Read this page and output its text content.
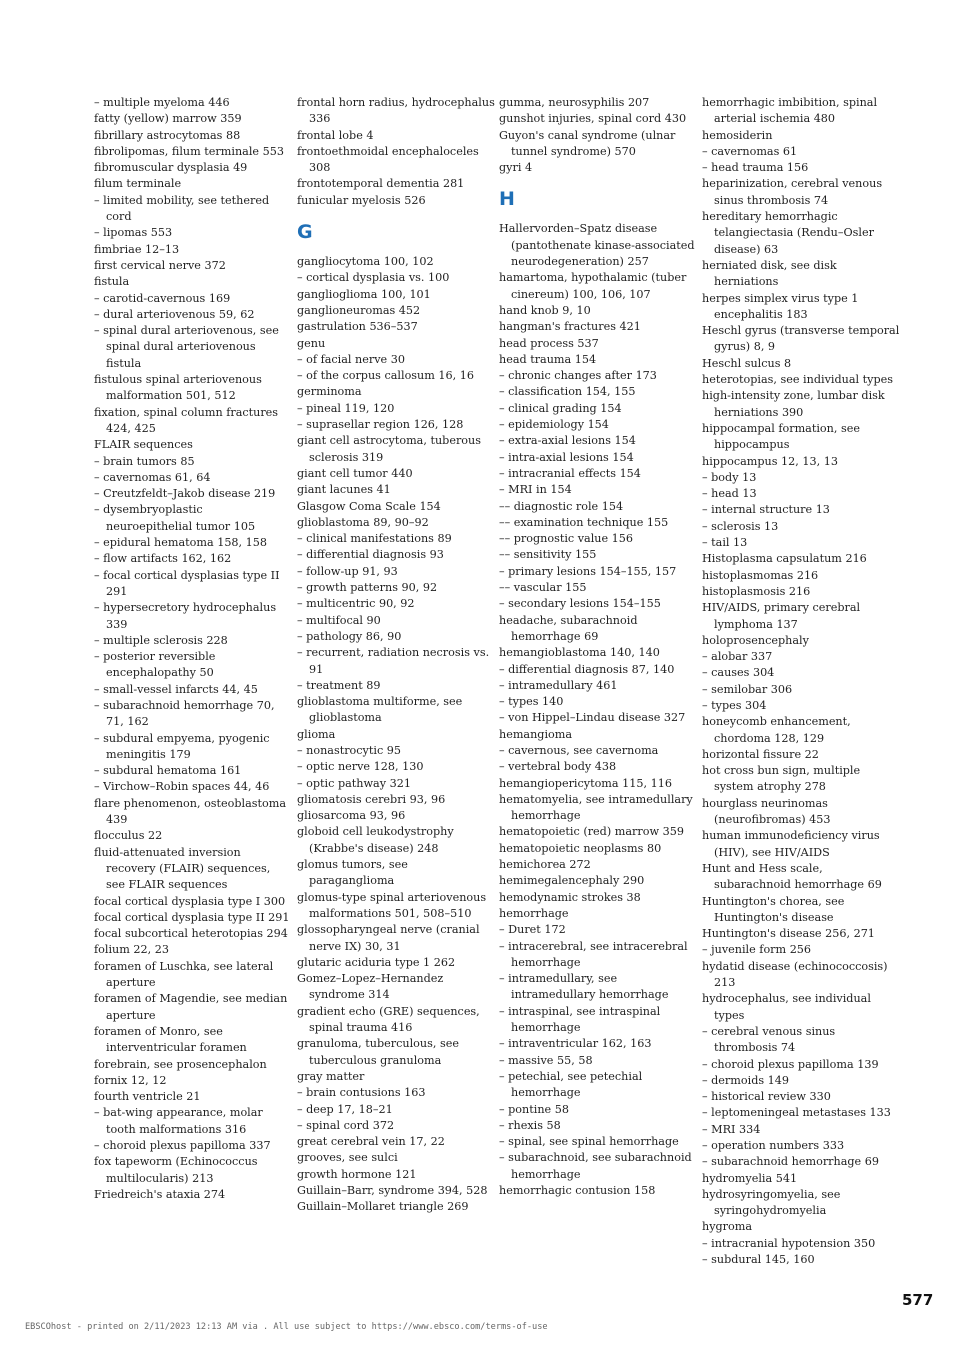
– multiple myeloma 446
fatty (yellow) marrow 359
fibrillary astrocytomas 88
fibrolipomas, filum terminale 553
fibromuscular dysplasia 49
filum terminale
– limited mobility, see tethered cord
– lipomas 553
fimbriae 12–13
first cervical nerve 372
fistula
– carotid-cavernous 169
– dural arteriovenous 59, 62
– spinal dural arteriovenous, see spinal dural arteriovenous fistula
fistulous spinal arteriovenous malformation 501, 512
fixation, spinal column fractures 424, 425
FLAIR sequences
– brain tumors 85
– cavernomas 61, 64
– Creutzfeldt–Jakob disease 219
– dysembryoplastic neuroepithelial tumor 105
– epidural hematoma 158, 158
– flow artifacts 162, 162
– focal cortical dysplasias type II 291
– hypersecretory hydrocephalus 339
– multiple sclerosis 228
– posterior reversible encephalopathy 50
– small-vessel infarcts 44, 45
– subarachnoid hemorrhage 70, 71, 162
– subdural empyema, pyogenic meningitis 179
– subdural hematoma 161
– Virchow–Robin spaces 44, 46
flare phenomenon, osteoblastoma 439
flocculus 22
fluid-attenuated inversion recovery (FLAIR) sequences, see FLAIR sequences
focal cortical dysplasia type I 300
focal cortical dysplasia type II 291
focal subcortical heterotopias 294
folium 22, 23
foramen of Luschka, see lateral aperture
foramen of Magendie, see median aperture
foramen of Monro, see interventricular foramen
forebrain, see prosencephalon
fornix 12, 12
fourth ventricle 21
– bat-wing appearance, molar tooth malformations 316
– choroid plexus papilloma 337
fox tapeworm (Echinococcus multilocularis) 213
Friedreich's ataxia 274
frontal horn radius, hydrocephalus 336
frontal lobe 4
frontoethmoidal encephaloceles 308
frontotemporal dementia 281
funicular myelosis 526
G
gangliocytoma 100, 102
– cortical dysplasia vs. 100
ganglioglioma 100, 101
ganglioneuromas 452
gastrulation 536–537
genu
– of facial nerve 30
– of the corpus callosum 16, 16
germinoma
– pineal 119, 120
– suprasellar region 126, 128
giant cell astrocytoma, tuberous sclerosis 319
giant cell tumor 440
giant lacunes 41
Glasgow Coma Scale 154
glioblastoma 89, 90–92
– clinical manifestations 89
– differential diagnosis 93
– follow-up 91, 93
– growth patterns 90, 92
– multicentric 90, 92
– multifocal 90
– pathology 86, 90
– recurrent, radiation necrosis vs. 91
– treatment 89
glioblastoma multiforme, see glioblastoma
glioma
– nonastrocytic 95
– optic nerve 128, 130
– optic pathway 321
gliomatosis cerebri 93, 96
gliosarcoma 93, 96
globoid cell leukodystrophy (Krabbe's disease) 248
glomus tumors, see paraganglioma
glomus-type spinal arteriovenous malformations 501, 508–510
glossopharyngeal nerve (cranial nerve IX) 30, 31
glutaric aciduria type 1 262
Gomez–Lopez–Hernandez syndrome 314
gradient echo (GRE) sequences, spinal trauma 416
granuloma, tuberculous, see tuberculous granuloma
gray matter
– brain contusions 163
– deep 17, 18–21
– spinal cord 372
great cerebral vein 17, 22
grooves, see sulci
growth hormone 121
Guillain–Barr, syndrome 394, 528
Guillain–Mollaret triangle 269
gumma, neurosyphilis 207
gunshot injuries, spinal cord 430
Guyon's canal syndrome (ulnar tunnel syndrome) 570
gyri 4
H
Hallervorden–Spatz disease (pantothenate kinase-associated neurodegeneration) 257
hamartoma, hypothalamic (tuber cinereum) 100, 106, 107
hand knob 9, 10
hangman's fractures 421
head process 537
head trauma 154
– chronic changes after 173
– classification 154, 155
– clinical grading 154
– epidemiology 154
– extra-axial lesions 154
– intra-axial lesions 154
– intracranial effects 154
– MRI in 154
–– diagnostic role 154
–– examination technique 155
–– prognostic value 156
–– sensitivity 155
– primary lesions 154–155, 157
–– vascular 155
– secondary lesions 154–155
headache, subarachnoid hemorrhage 69
hemangioblastoma 140, 140
– differential diagnosis 87, 140
– intramedullary 461
– types 140
– von Hippel–Lindau disease 327
hemangioma
– cavernous, see cavernoma
– vertebral body 438
hemangiopericytoma 115, 116
hematomyelia, see intramedullary hemorrhage
hematopoietic (red) marrow 359
hematopoietic neoplasms 80
hemichorea 272
hemimegalencephaly 290
hemodynamic strokes 38
hemorrhage
– Duret 172
– intracerebral, see intracerebral hemorrhage
– intramedullary, see intramedullary hemorrhage
– intraspinal, see intraspinal hemorrhage
– intraventricular 162, 163
– massive 55, 58
– petechial, see petechial hemorrhage
– pontine 58
– rhexis 58
– spinal, see spinal hemorrhage
– subarachnoid, see subarachnoid hemorrhage
hemorrhagic contusion 158
hemorrhagic imbibition, spinal arterial ischemia 480
hemosiderin
– cavernomas 61
– head trauma 156
heparinization, cerebral venous sinus thrombosis 74
hereditary hemorrhagic telangiectasia (Rendu–Osler disease) 63
herniated disk, see disk herniations
herpes simplex virus type 1 encephalitis 183
Heschl gyrus (transverse temporal gyrus) 8, 9
Heschl sulcus 8
heterotopias, see individual types
high-intensity zone, lumbar disk herniations 390
hippocampal formation, see hippocampus
hippocampus 12, 13, 13
– body 13
– head 13
– internal structure 13
– sclerosis 13
– tail 13
Histoplasma capsulatum 216
histoplasmomas 216
histoplasmosis 216
HIV/AIDS, primary cerebral lymphoma 137
holoprosencephaly
– alobar 337
– causes 304
– semilobar 306
– types 304
honeycomb enhancement, chordoma 128, 129
horizontal fissure 22
hot cross bun sign, multiple system atrophy 278
hourglass neurinomas (neurofibromas) 453
human immunodeficiency virus (HIV), see HIV/AIDS
Hunt and Hess scale, subarachnoid hemorrhage 69
Huntington's chorea, see Huntington's disease
Huntington's disease 256, 271
– juvenile form 256
hydatid disease (echinococcosis) 213
hydrocephalus, see individual types
– cerebral venous sinus thrombosis 74
– choroid plexus papilloma 139
– dermoids 149
– historical review 330
– leptomeningeal metastases 133
– MRI 334
– operation numbers 333
– subarachnoid hemorrhage 69
hydromyelia 541
hydrosyringomyelia, see syringohydromyelia
hygroma
– intracranial hypotension 350
– subdural 145, 160
577
EBSCOhost - printed on 2/11/2023 12:13 AM via . All use subject to https://www.ebsco.com/terms-of-use
